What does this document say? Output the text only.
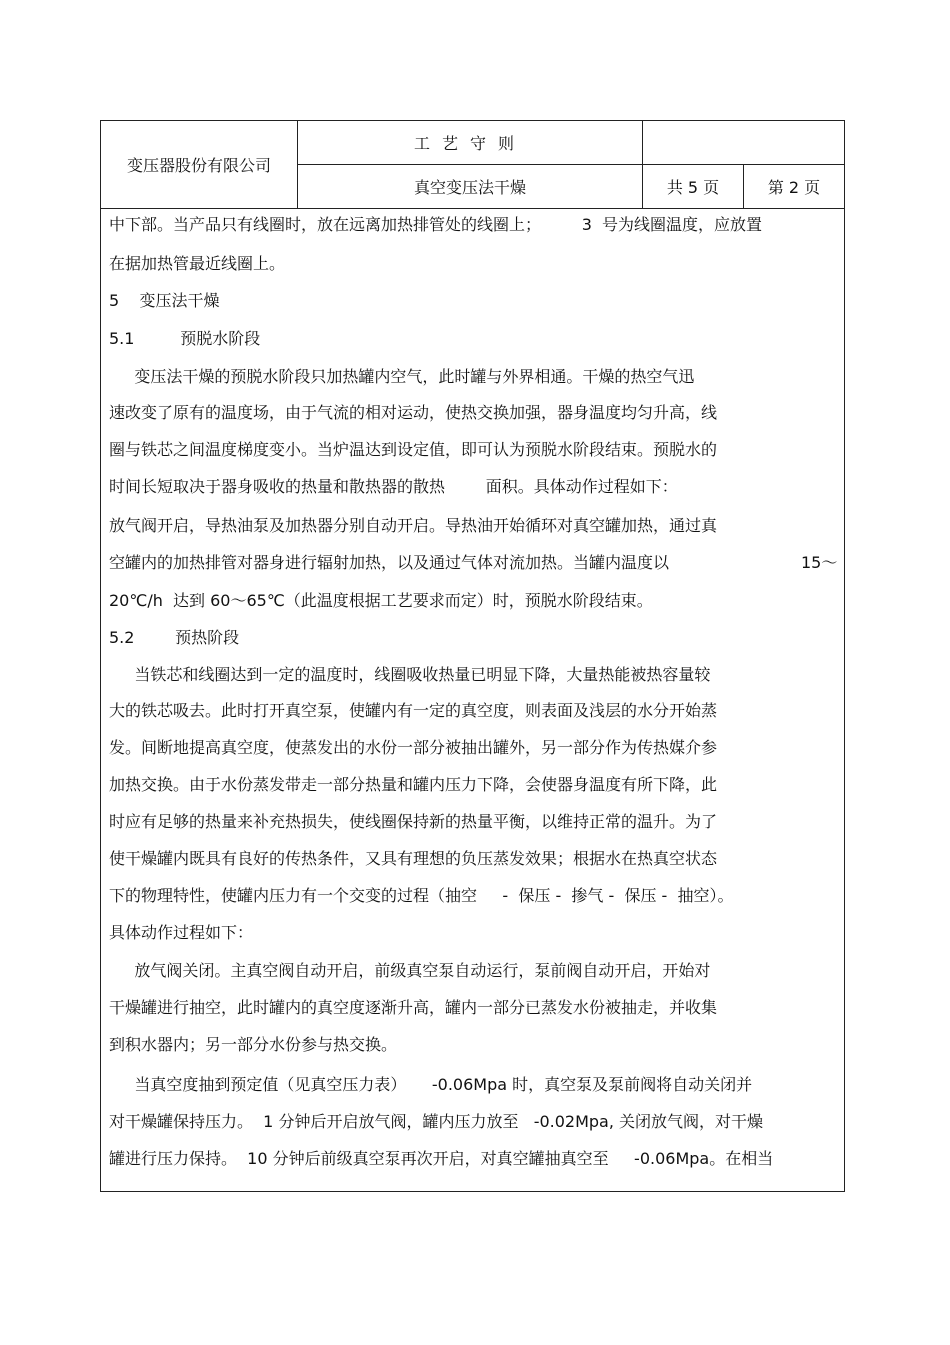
变压器股份有限公司
工艺守则
真空变压法干燥	共 5 页	第 2 页
中下部。当产品只有线圈时，放在远离加热排管处的线圈上；        3  号为线圈温度，应放置
在据加热管最近线圈上。
5    变压法干燥
5.1         预脱水阶段
变压法干燥的预脱水阶段只加热罐内空气，此时罐与外界相通。干燥的热空气迅
速改变了原有的温度场，由于气流的相对运动，使热交换加强，器身温度均匀升高，线
圈与铁芯之间温度梯度变小。当炉温达到设定值，即可认为预脱水阶段结束。预脱水的
时间长短取决于器身吸收的热量和散热器的散热        面积。具体动作过程如下：
放气阀开启，导热油泵及加热器分别自动开启。导热油开始循环对真空罐加热，通过真
空罐内的加热排管对器身进行辐射加热，以及通过气体对流加热。当罐内温度以	15～
20℃/h  达到 60～65℃（此温度根据工艺要求而定）时，预脱水阶段结束。
5.2        预热阶段
当铁芯和线圈达到一定的温度时，线圈吸收热量已明显下降，大量热能被热容量较
大的铁芯吸去。此时打开真空泵，使罐内有一定的真空度，则表面及浅层的水分开始蒸
发。间断地提高真空度，使蒸发出的水份一部分被抽出罐外，另一部分作为传热媒介参
加热交换。由于水份蒸发带走一部分热量和罐内压力下降，会使器身温度有所下降，此
时应有足够的热量来补充热损失，使线圈保持新的热量平衡，以维持正常的温升。为了
使干燥罐内既具有良好的传热条件，又具有理想的负压蒸发效果；根据水在热真空状态
下的物理特性，使罐内压力有一个交变的过程（抽空     -  保压 -  掺气 -  保压 -  抽空）。
具体动作过程如下：
放气阀关闭。主真空阀自动开启，前级真空泵自动运行，泵前阀自动开启，开始对
干燥罐进行抽空，此时罐内的真空度逐渐升高，罐内一部分已蒸发水份被抽走，并收集
到积水器内；另一部分水份参与热交换。
当真空度抽到预定值（见真空压力表）     -0.06Mpa 时，真空泵及泵前阀将自动关闭并
对干燥罐保持压力。  1 分钟后开启放气阀，罐内压力放至   -0.02Mpa, 关闭放气阀，对干燥
罐进行压力保持。  10 分钟后前级真空泵再次开启，对真空罐抽真空至     -0.06Mpa。在相当
